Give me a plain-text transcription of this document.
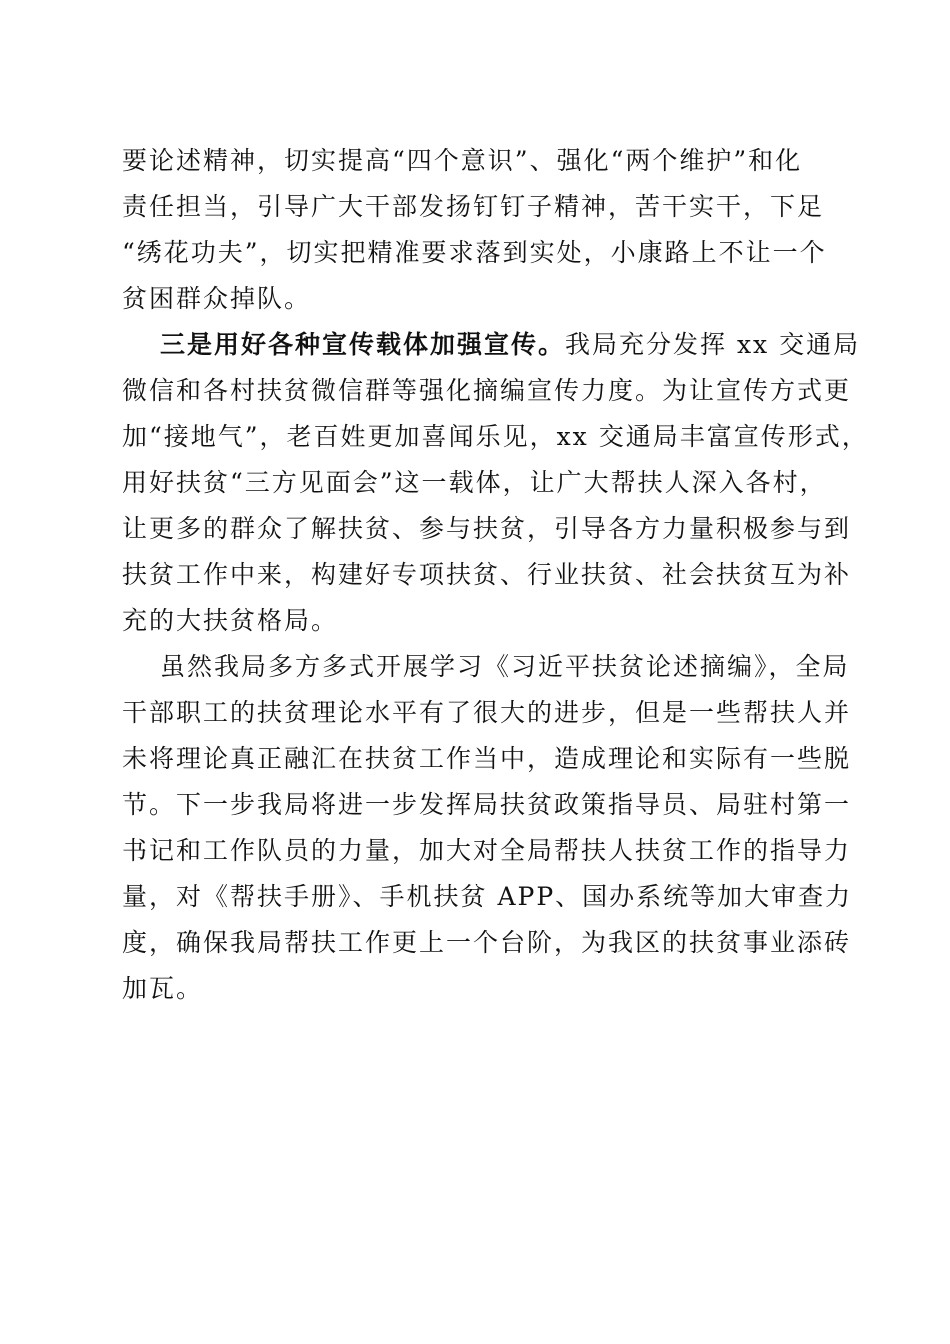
要论述精神，切实提高“四个意识”、强化“两个维护”和化
责任担当，引导广大干部发扬钉钉子精神，苦干实干，下足
“绣花功夫”，切实把精准要求落到实处，小康路上不让一个
贫困群众掉队。
三是用好各种宣传载体加强宣传。我局充分发挥 xx 交通局
微信和各村扶贫微信群等强化摘编宣传力度。为让宣传方式更
加“接地气”，老百姓更加喜闻乐见，xx 交通局丰富宣传形式，
用好扶贫“三方见面会”这一载体，让广大帮扶人深入各村，
让更多的群众了解扶贫、参与扶贫，引导各方力量积极参与到
扶贫工作中来，构建好专项扶贫、行业扶贫、社会扶贫互为补
充的大扶贫格局。
虽然我局多方多式开展学习《习近平扶贫论述摘编》，全局
干部职工的扶贫理论水平有了很大的进步，但是一些帮扶人并
未将理论真正融汇在扶贫工作当中，造成理论和实际有一些脱
节。下一步我局将进一步发挥局扶贫政策指导员、局驻村第一
书记和工作队员的力量，加大对全局帮扶人扶贫工作的指导力
量，对《帮扶手册》、手机扶贫 APP、国办系统等加大审查力
度，确保我局帮扶工作更上一个台阶，为我区的扶贫事业添砖
加瓦。
